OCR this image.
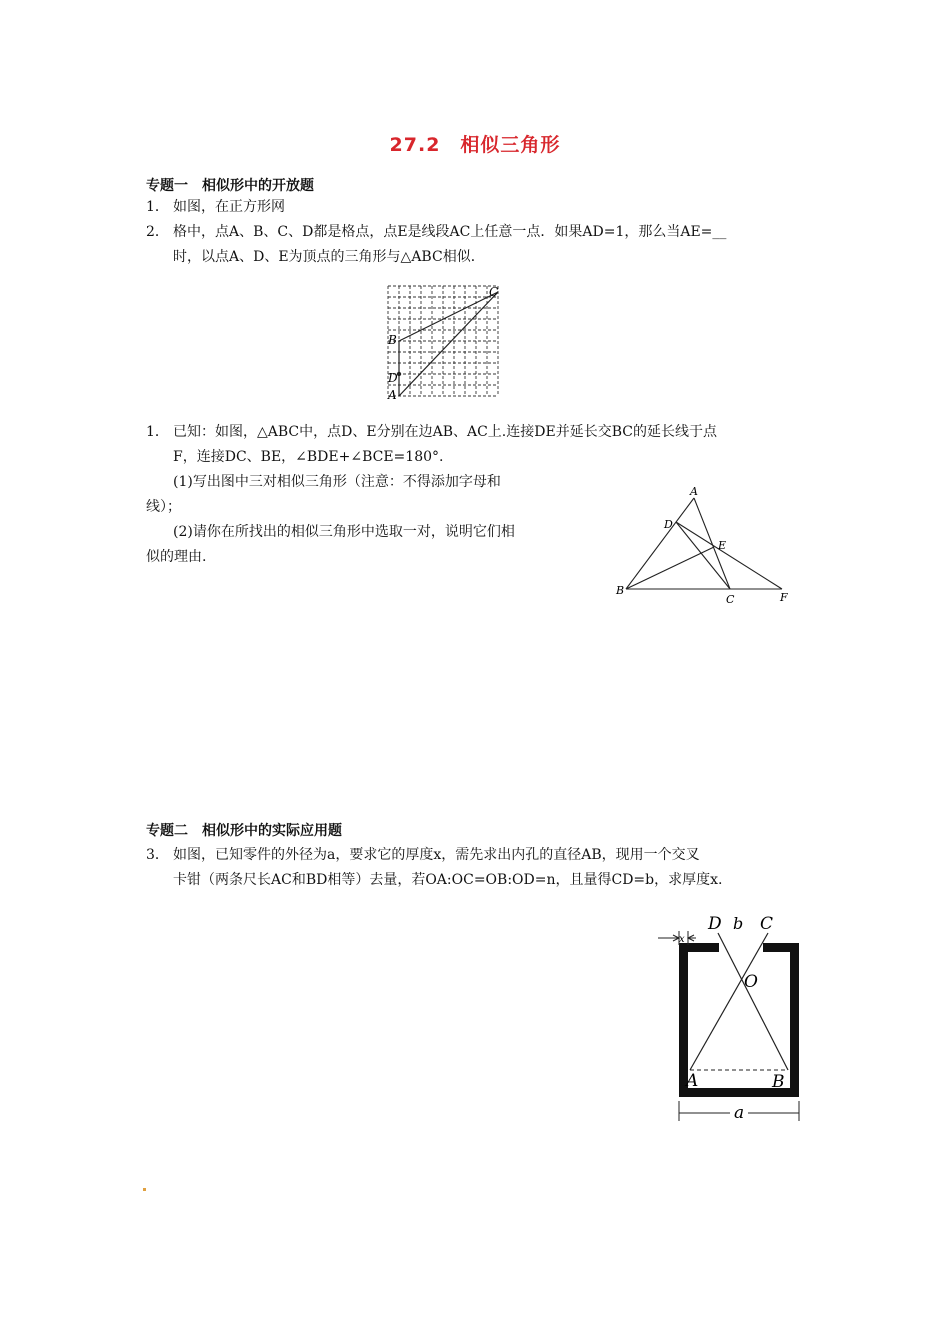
27.2　相似三角形
专题一　相似形中的开放题
1． 如图，在正方形网
2． 格中，点A、B、C、D都是格点，点E是线段AC上任意一点．如果AD=1，那么当AE=__
时，以点A、D、E为顶点的三角形与△ABC相似．
C
B
D
A
1． 已知：如图，△ABC中，点D、E分别在边AB、AC上.连接DE并延长交BC的延长线于点
F，连接DC、BE，∠BDE+∠BCE=180°.
(1)写出图中三对相似三角形（注意：不得添加字母和
线）；
(2)请你在所找出的相似三角形中选取一对，说明它们相
似的理由.
A
D
E
B
C	F
专题二　相似形中的实际应用题
3． 如图，已知零件的外径为a，要求它的厚度x，需先求出内孔的直径AB，现用一个交叉
卡钳（两条尺长AC和BD相等）去量，若OA:OC=OB:OD=n，且量得CD=b，求厚度x.
D b C
x
O
A	B
a
